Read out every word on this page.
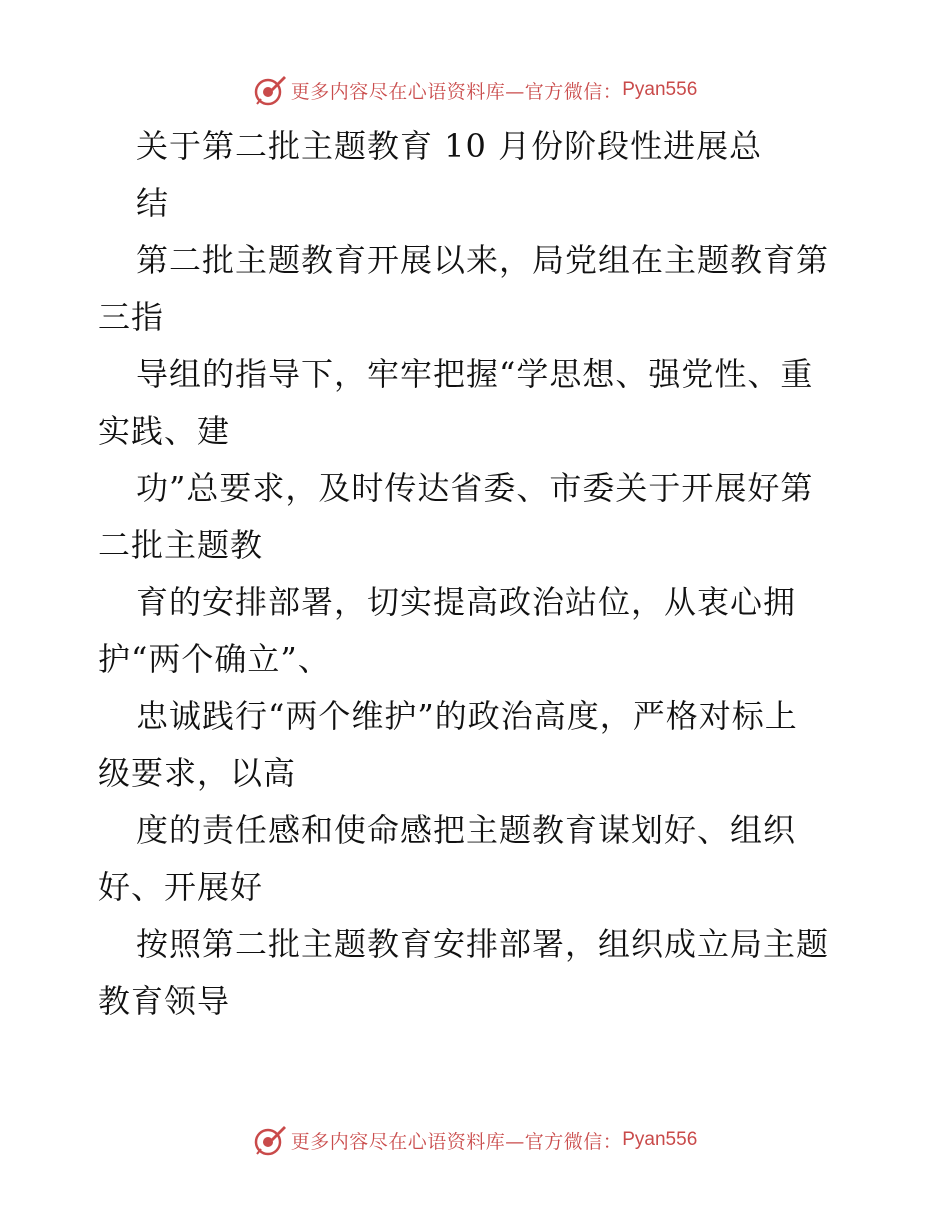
更多内容尽在心语资料库—官方微信： Pyan556
关于第二批主题教育 10 月份阶段性进展总
结
第二批主题教育开展以来，局党组在主题教育第
三指
导组的指导下，牢牢把握“学思想、强党性、重
实践、建
功”总要求，及时传达省委、市委关于开展好第
二批主题教
育的安排部署，切实提高政治站位，从衷心拥
护“两个确立”、
忠诚践行“两个维护”的政治高度，严格对标上
级要求，以高
度的责任感和使命感把主题教育谋划好、组织
好、开展好
按照第二批主题教育安排部署，组织成立局主题
教育领导
更多内容尽在心语资料库—官方微信： Pyan556
